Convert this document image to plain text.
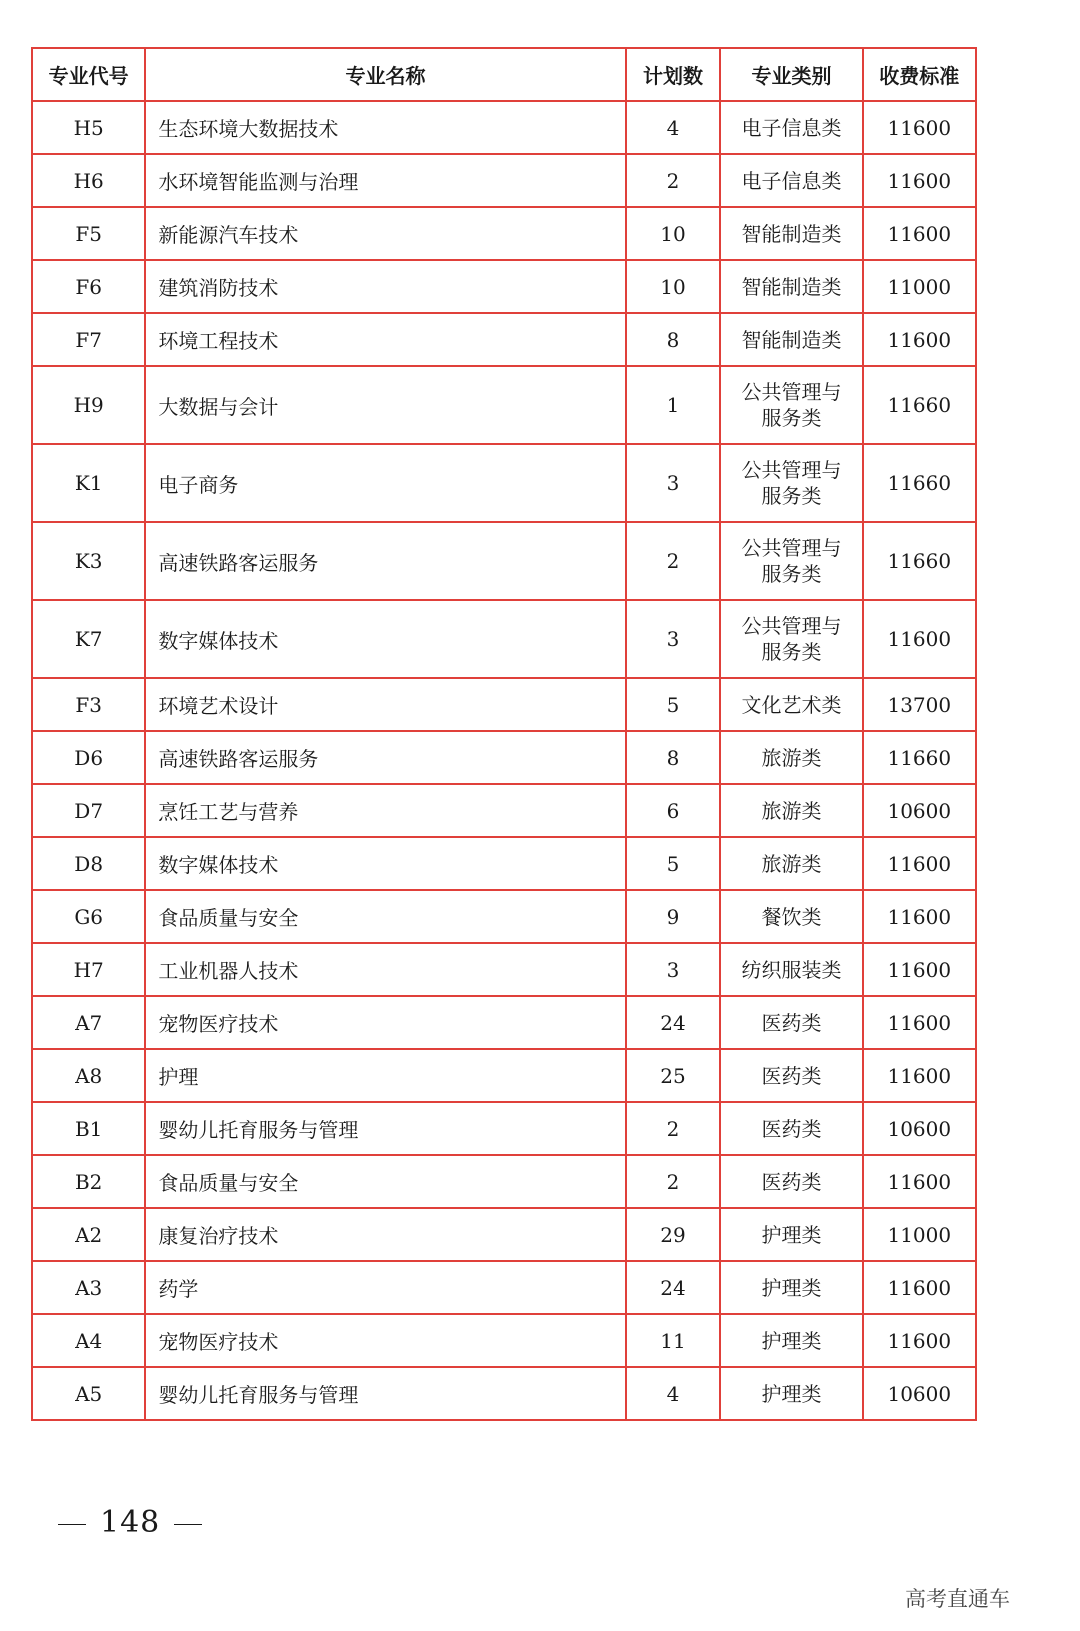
专业代号	专业名称	计划数	专业类别	收费标准
H5	生态环境大数据技术	4	电子信息类	11600
H6	水环境智能监测与治理	2	电子信息类	11600
F5	新能源汽车技术	10	智能制造类	11600
F6	建筑消防技术	10	智能制造类	11000
F7	环境工程技术	8	智能制造类	11600
H9	大数据与会计	1	公共管理与服务类	11660
K1	电子商务	3	公共管理与服务类	11660
K3	高速铁路客运服务	2	公共管理与服务类	11660
K7	数字媒体技术	3	公共管理与服务类	11600
F3	环境艺术设计	5	文化艺术类	13700
D6	高速铁路客运服务	8	旅游类	11660
D7	烹饪工艺与营养	6	旅游类	10600
D8	数字媒体技术	5	旅游类	11600
G6	食品质量与安全	9	餐饮类	11600
H7	工业机器人技术	3	纺织服装类	11600
A7	宠物医疗技术	24	医药类	11600
A8	护理	25	医药类	11600
B1	婴幼儿托育服务与管理	2	医药类	10600
B2	食品质量与安全	2	医药类	11600
A2	康复治疗技术	29	护理类	11000
A3	药学	24	护理类	11600
A4	宠物医疗技术	11	护理类	11600
A5	婴幼儿托育服务与管理	4	护理类	10600
148
高考直通车
